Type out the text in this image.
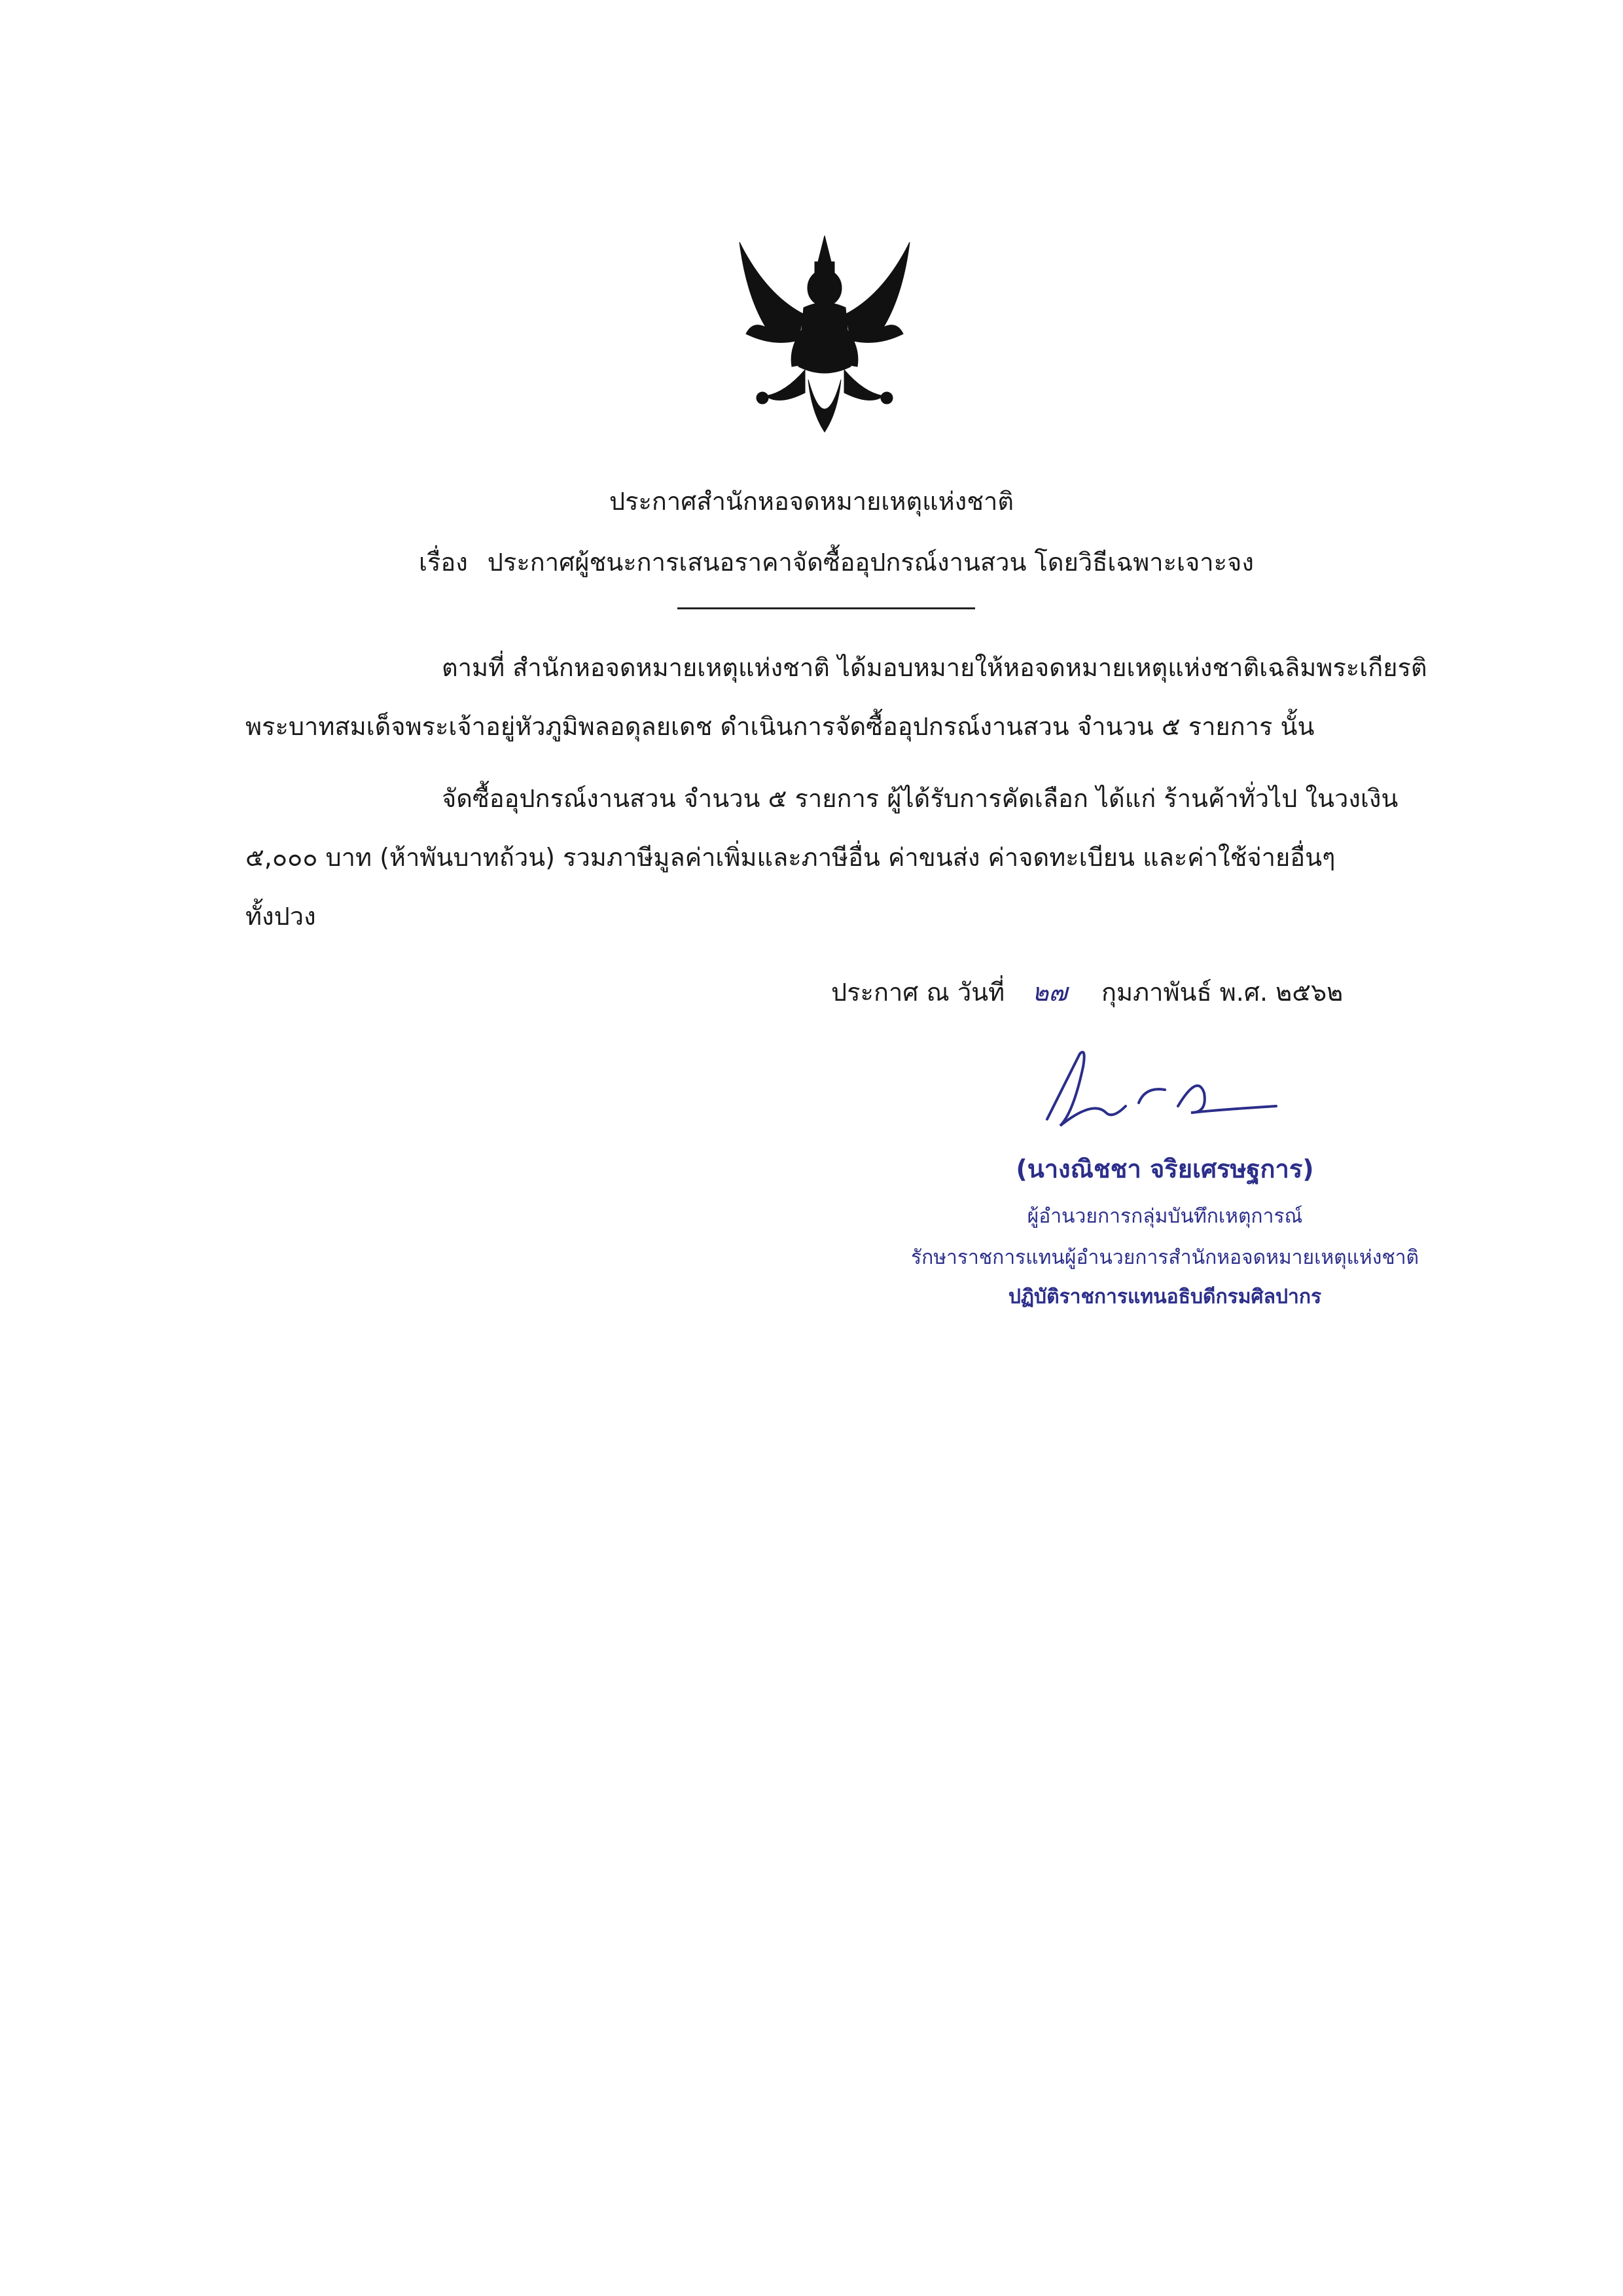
ประกาศสำนักหอจดหมายเหตุแห่งชาติ
เรื่อง ประกาศผู้ชนะการเสนอราคาจัดซื้ออุปกรณ์งานสวน โดยวิธีเฉพาะเจาะจง
ตามที่ สำนักหอจดหมายเหตุแห่งชาติ ได้มอบหมายให้หอจดหมายเหตุแห่งชาติเฉลิมพระเกียรติ
พระบาทสมเด็จพระเจ้าอยู่หัวภูมิพลอดุลยเดช ดำเนินการจัดซื้ออุปกรณ์งานสวน จำนวน ๕ รายการ นั้น
จัดซื้ออุปกรณ์งานสวน จำนวน ๕ รายการ ผู้ได้รับการคัดเลือก ได้แก่ ร้านค้าทั่วไป ในวงเงิน
๕,๐๐๐ บาท (ห้าพันบาทถ้วน) รวมภาษีมูลค่าเพิ่มและภาษีอื่น ค่าขนส่ง ค่าจดทะเบียน และค่าใช้จ่ายอื่นๆ
ทั้งปวง
ประกาศ ณ วันที่ ๒๗ กุมภาพันธ์ พ.ศ. ๒๕๖๒
(นางณิชชา จริยเศรษฐการ)
ผู้อำนวยการกลุ่มบันทึกเหตุการณ์
รักษาราชการแทนผู้อำนวยการสำนักหอจดหมายเหตุแห่งชาติ
ปฏิบัติราชการแทนอธิบดีกรมศิลปากร
